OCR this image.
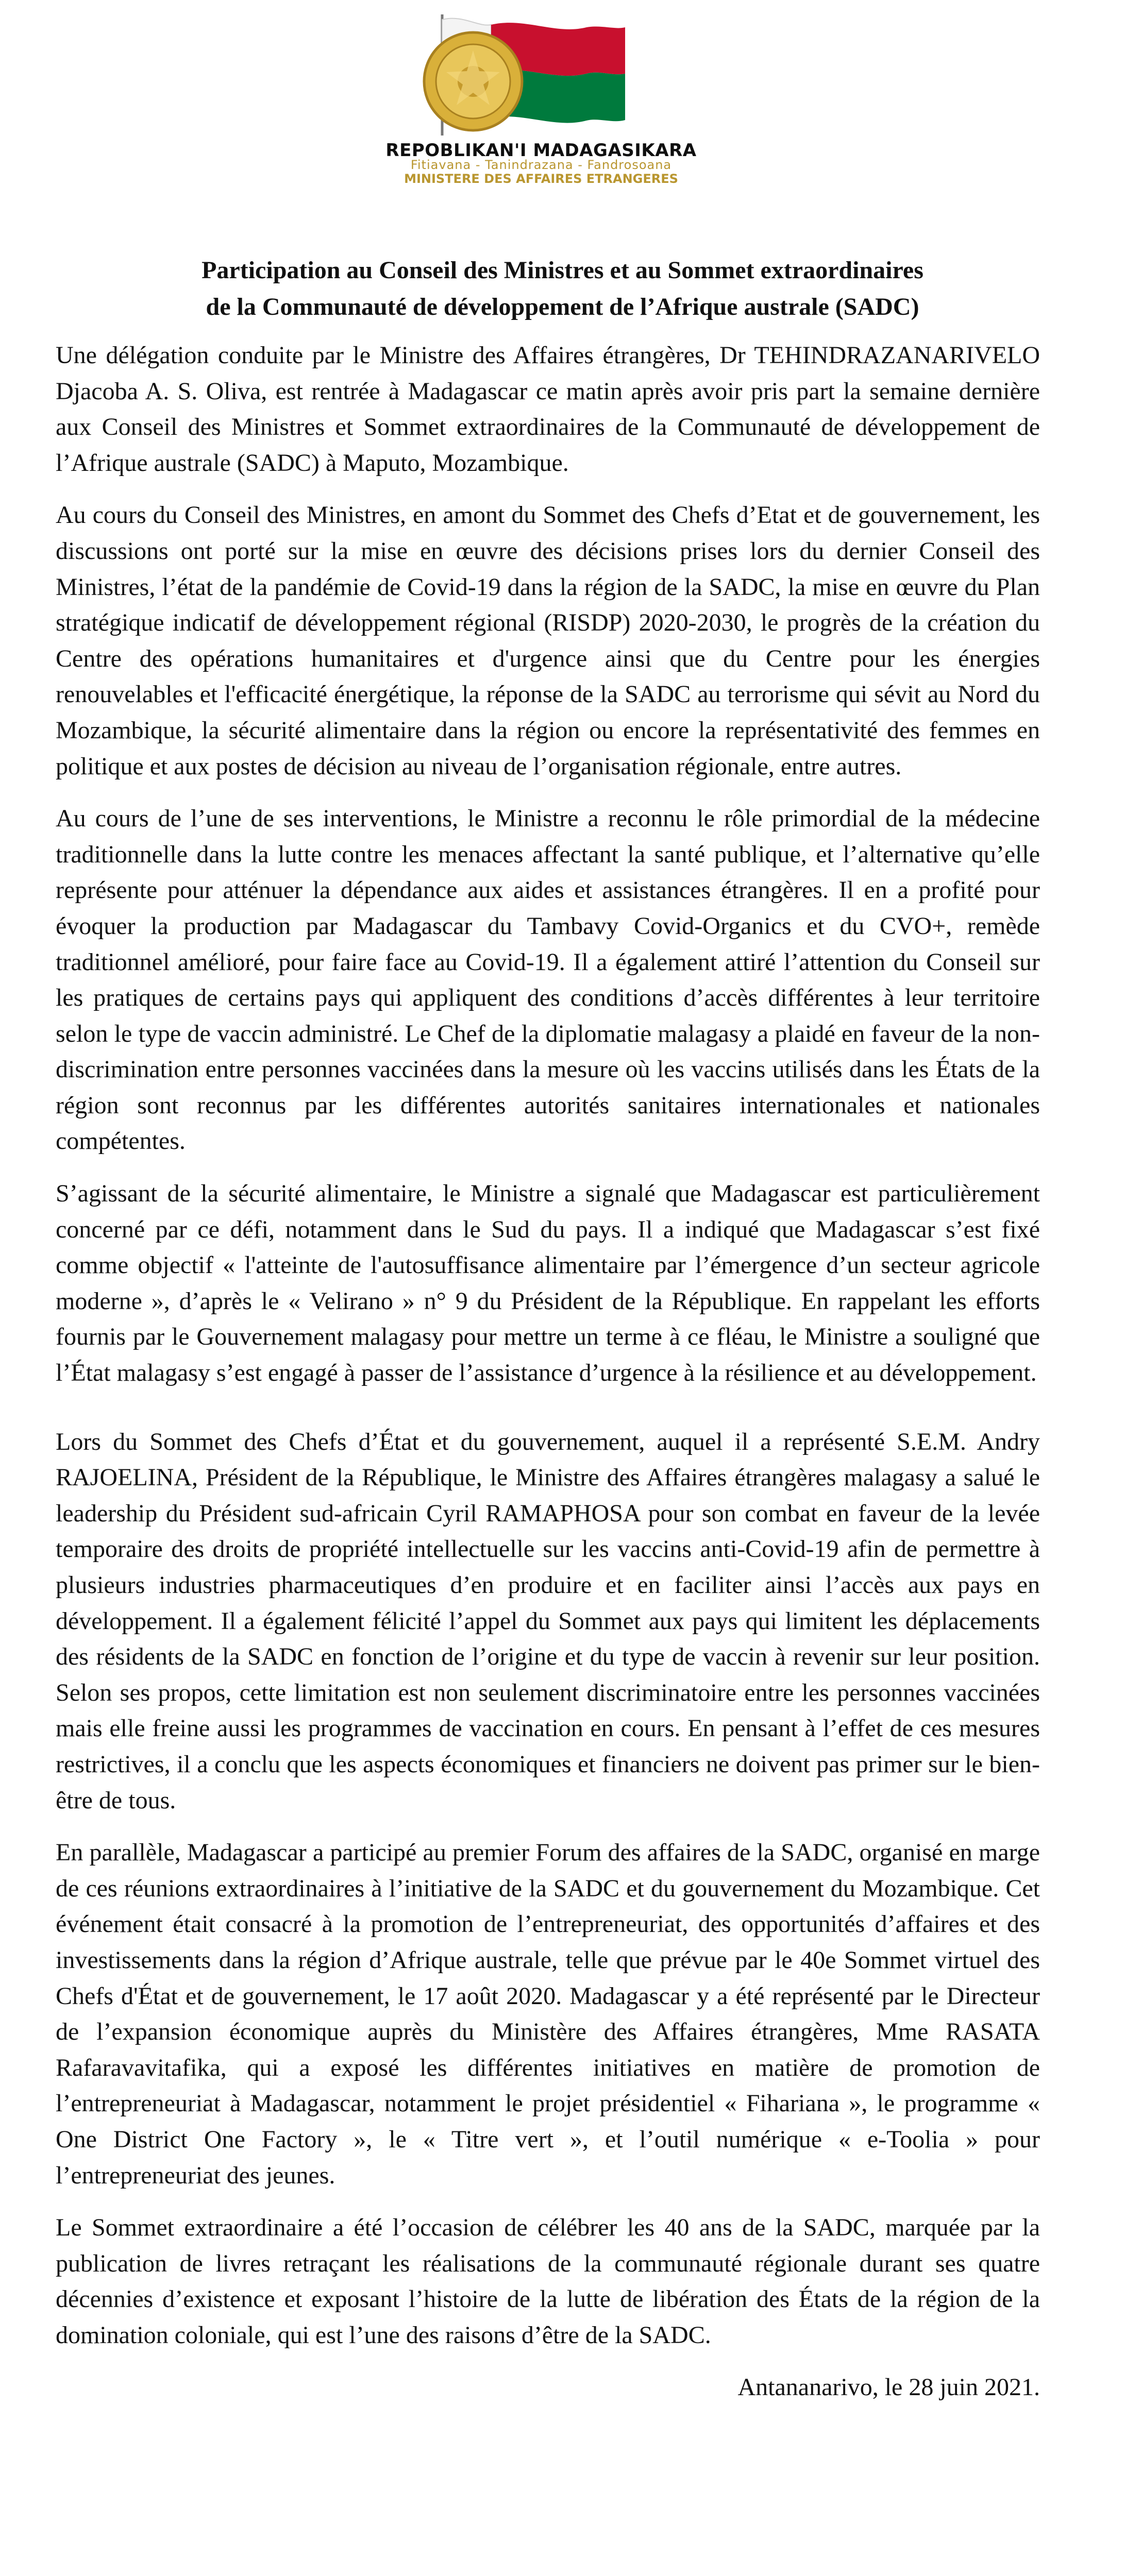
REPOBLIKAN'I MADAGASIKARA
Fitiavana - Tanindrazana - Fandrosoana
MINISTERE DES AFFAIRES ETRANGERES
Participation au Conseil des Ministres et au Sommet extraordinaires
de la Communauté de développement de l’Afrique australe (SADC)

Une délégation conduite par le Ministre des Affaires étrangères, Dr TEHINDRAZANARIVELO Djacoba A. S. Oliva, est rentrée à Madagascar ce matin après avoir pris part la semaine dernière aux Conseil des Ministres et Sommet extraordinaires de la Communauté de développement de l’Afrique australe (SADC) à Maputo, Mozambique.

Au cours du Conseil des Ministres, en amont du Sommet des Chefs d’Etat et de gouvernement, les discussions ont porté sur la mise en œuvre des décisions prises lors du dernier Conseil des Ministres, l’état de la pandémie de Covid-19 dans la région de la SADC, la mise en œuvre du Plan stratégique indicatif de développement régional (RISDP) 2020-2030, le progrès de la création du Centre des opérations humanitaires et d'urgence ainsi que du Centre pour les énergies renouvelables et l'efficacité énergétique, la réponse de la SADC au terrorisme qui sévit au Nord du Mozambique, la sécurité alimentaire dans la région ou encore la représentativité des femmes en politique et aux postes de décision au niveau de l’organisation régionale, entre autres.

Au cours de l’une de ses interventions, le Ministre a reconnu le rôle primordial de la médecine traditionnelle dans la lutte contre les menaces affectant la santé publique, et l’alternative qu’elle représente pour atténuer la dépendance aux aides et assistances étrangères. Il en a profité pour évoquer la production par Madagascar du Tambavy Covid-Organics et du CVO+, remède traditionnel amélioré, pour faire face au Covid-19. Il a également attiré l’attention du Conseil sur les pratiques de certains pays qui appliquent des conditions d’accès différentes à leur territoire selon le type de vaccin administré. Le Chef de la diplomatie malagasy a plaidé en faveur de la non-discrimination entre personnes vaccinées dans la mesure où les vaccins utilisés dans les États de la région sont reconnus par les différentes autorités sanitaires internationales et nationales compétentes.

S’agissant de la sécurité alimentaire, le Ministre a signalé que Madagascar est particulièrement concerné par ce défi, notamment dans le Sud du pays. Il a indiqué que Madagascar s’est fixé comme objectif « l'atteinte de l'autosuffisance alimentaire par l’émergence d’un secteur agricole moderne », d’après le « Velirano » n° 9 du Président de la République. En rappelant les efforts fournis par le Gouvernement malagasy pour mettre un terme à ce fléau, le Ministre a souligné que l’État malagasy s’est engagé à passer de l’assistance d’urgence à la résilience et au développement.

Lors du Sommet des Chefs d’État et du gouvernement, auquel il a représenté S.E.M. Andry RAJOELINA, Président de la République, le Ministre des Affaires étrangères malagasy a salué le leadership du Président sud-africain Cyril RAMAPHOSA pour son combat en faveur de la levée temporaire des droits de propriété intellectuelle sur les vaccins anti-Covid-19 afin de permettre à plusieurs industries pharmaceutiques d’en produire et en faciliter ainsi l’accès aux pays en développement. Il a également félicité l’appel du Sommet aux pays qui limitent les déplacements des résidents de la SADC en fonction de l’origine et du type de vaccin à revenir sur leur position. Selon ses propos, cette limitation est non seulement discriminatoire entre les personnes vaccinées mais elle freine aussi les programmes de vaccination en cours. En pensant à l’effet de ces mesures restrictives, il a conclu que les aspects économiques et financiers ne doivent pas primer sur le bien-être de tous.

En parallèle, Madagascar a participé au premier Forum des affaires de la SADC, organisé en marge de ces réunions extraordinaires à l’initiative de la SADC et du gouvernement du Mozambique. Cet événement était consacré à la promotion de l’entrepreneuriat, des opportunités d’affaires et des investissements dans la région d’Afrique australe, telle que prévue par le 40e Sommet virtuel des Chefs d'État et de gouvernement, le 17 août 2020. Madagascar y a été représenté par le Directeur de l’expansion économique auprès du Ministère des Affaires étrangères, Mme RASATA Rafaravavitafika, qui a exposé les différentes initiatives en matière de promotion de l’entrepreneuriat à Madagascar, notamment le projet présidentiel « Fihariana », le programme « One District One Factory », le « Titre vert », et l’outil numérique « e-Toolia » pour l’entrepreneuriat des jeunes.

Le Sommet extraordinaire a été l’occasion de célébrer les 40 ans de la SADC, marquée par la publication de livres retraçant les réalisations de la communauté régionale durant ses quatre décennies d’existence et exposant l’histoire de la lutte de libération des États de la région de la domination coloniale, qui est l’une des raisons d’être de la SADC.

Antananarivo, le 28 juin 2021.
